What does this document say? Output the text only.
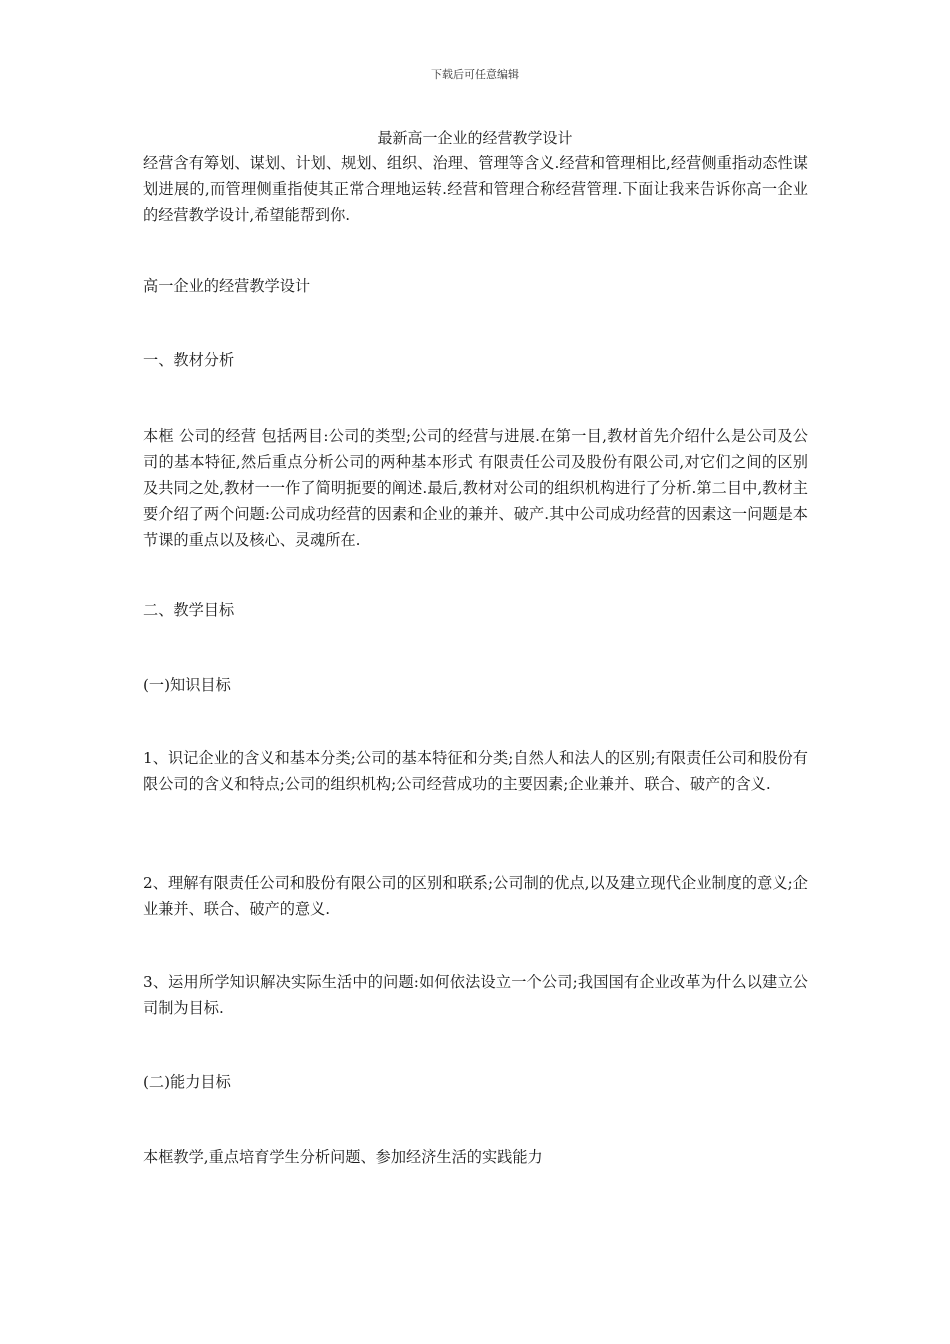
下载后可任意编辑
最新高一企业的经营教学设计

经营含有筹划、谋划、计划、规划、组织、治理、管理等含义.经营和管理相比,经营侧重指动态性谋划进展的,而管理侧重指使其正常合理地运转.经营和管理合称经营管理.下面让我来告诉你高一企业的经营教学设计,希望能帮到你.

高一企业的经营教学设计

一、教材分析

本框 公司的经营 包括两目:公司的类型;公司的经营与进展.在第一目,教材首先介绍什么是公司及公司的基本特征,然后重点分析公司的两种基本形式 有限责任公司及股份有限公司,对它们之间的区别及共同之处,教材一一作了简明扼要的阐述.最后,教材对公司的组织机构进行了分析.第二目中,教材主要介绍了两个问题:公司成功经营的因素和企业的兼并、破产.其中公司成功经营的因素这一问题是本节课的重点以及核心、灵魂所在.

二、教学目标

(一)知识目标

1、识记企业的含义和基本分类;公司的基本特征和分类;自然人和法人的区别;有限责任公司和股份有限公司的含义和特点;公司的组织机构;公司经营成功的主要因素;企业兼并、联合、破产的含义.

2、理解有限责任公司和股份有限公司的区别和联系;公司制的优点,以及建立现代企业制度的意义;企业兼并、联合、破产的意义.

3、运用所学知识解决实际生活中的问题:如何依法设立一个公司;我国国有企业改革为什么以建立公司制为目标.

(二)能力目标

本框教学,重点培育学生分析问题、参加经济生活的实践能力
